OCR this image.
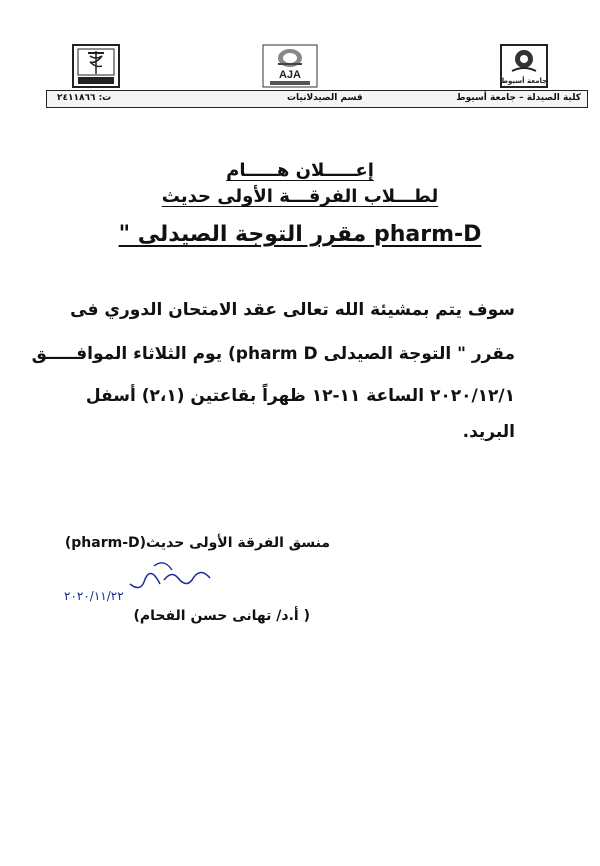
AJA	جامعة أسيوط
كلية الصيدلة – جامعة أسيوط
قسم الصيدلانيات
ت: ٢٤١١٨٦٦
إعـــــلان هـــــام
لطـــلاب الفرقـــة الأولى حديث
pharm-D مقرر التوجة الصيدلى "
سوف يتم بمشيئة الله تعالى عقد الامتحان الدوري فى
مقرر " التوجة الصيدلى pharm D) يوم الثلاثاء الموافـــــق
٢٠٢٠/١٢/١ الساعة ١١-١٢ ظهراً بقاعتين (٢،١) أسفل
البريد.
منسق الفرقة الأولى حديث(pharm-D)
٢٠٢٠/١١/٢٢
( أ.د/ تهانى حسن الفحام)
